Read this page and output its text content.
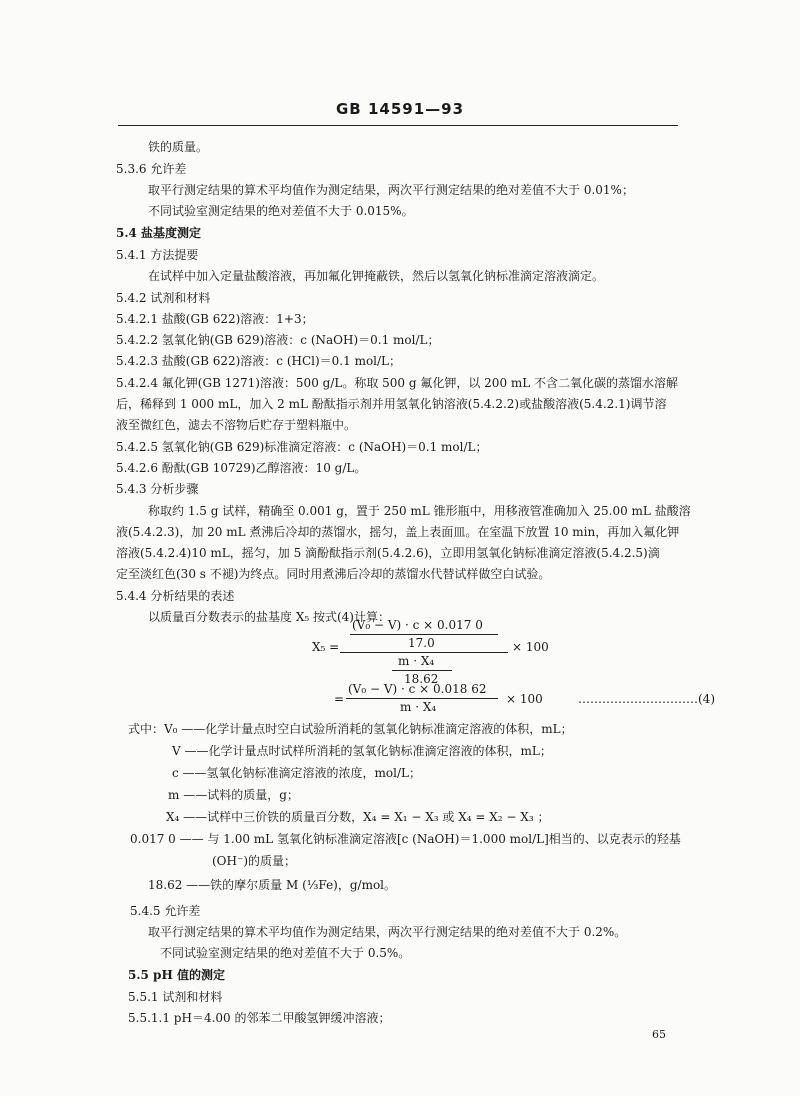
GB 14591—93
铁的质量。
5.3.6 允许差
取平行测定结果的算术平均值作为测定结果，两次平行测定结果的绝对差值不大于 0.01%；
不同试验室测定结果的绝对差值不大于 0.015%。
5.4 盐基度测定
5.4.1 方法提要
在试样中加入定量盐酸溶液，再加氟化钾掩蔽铁，然后以氢氧化钠标准滴定溶液滴定。
5.4.2 试剂和材料
5.4.2.1 盐酸(GB 622)溶液：1+3；
5.4.2.2 氢氧化钠(GB 629)溶液：c (NaOH)＝0.1 mol/L；
5.4.2.3 盐酸(GB 622)溶液：c (HCl)＝0.1 mol/L；
5.4.2.4 氟化钾(GB 1271)溶液：500 g/L。称取 500 g 氟化钾，以 200 mL 不含二氧化碳的蒸馏水溶解
后，稀释到 1 000 mL，加入 2 mL 酚酞指示剂并用氢氧化钠溶液(5.4.2.2)或盐酸溶液(5.4.2.1)调节溶
液至微红色，滤去不溶物后贮存于塑料瓶中。
5.4.2.5 氢氧化钠(GB 629)标准滴定溶液：c (NaOH)＝0.1 mol/L；
5.4.2.6 酚酞(GB 10729)乙醇溶液：10 g/L。
5.4.3 分析步骤
称取约 1.5 g 试样，精确至 0.001 g，置于 250 mL 锥形瓶中，用移液管准确加入 25.00 mL 盐酸溶
液(5.4.2.3)，加 20 mL 煮沸后冷却的蒸馏水，摇匀，盖上表面皿。在室温下放置 10 min，再加入氟化钾
溶液(5.4.2.4)10 mL，摇匀，加 5 滴酚酞指示剂(5.4.2.6)，立即用氢氧化钠标准滴定溶液(5.4.2.5)滴
定至淡红色(30 s 不褪)为终点。同时用煮沸后冷却的蒸馏水代替试样做空白试验。
5.4.4 分析结果的表述
以质量百分数表示的盐基度 X₅ 按式(4)计算：
X₅ =
(V₀ − V) · c × 0.017 0
17.0
m · X₄
18.62
× 100
=
(V₀ − V) · c × 0.018 62
m · X₄
× 100	…………………………(4)
式中：V₀ ——化学计量点时空白试验所消耗的氢氧化钠标准滴定溶液的体积，mL；
V ——化学计量点时试样所消耗的氢氧化钠标准滴定溶液的体积，mL；
c ——氢氧化钠标准滴定溶液的浓度，mol/L；
m ——试料的质量，g；
X₄ ——试样中三价铁的质量百分数，X₄ = X₁ − X₃ 或 X₄ = X₂ − X₃ ；
0.017 0 —— 与 1.00 mL 氢氧化钠标准滴定溶液[c (NaOH)＝1.000 mol/L]相当的、以克表示的羟基
(OH⁻)的质量；
18.62 ——铁的摩尔质量 M (⅓Fe)，g/mol。
5.4.5 允许差
取平行测定结果的算术平均值作为测定结果，两次平行测定结果的绝对差值不大于 0.2%。
不同试验室测定结果的绝对差值不大于 0.5%。
5.5 pH 值的测定
5.5.1 试剂和材料
5.5.1.1 pH＝4.00 的邻苯二甲酸氢钾缓冲溶液；
65
